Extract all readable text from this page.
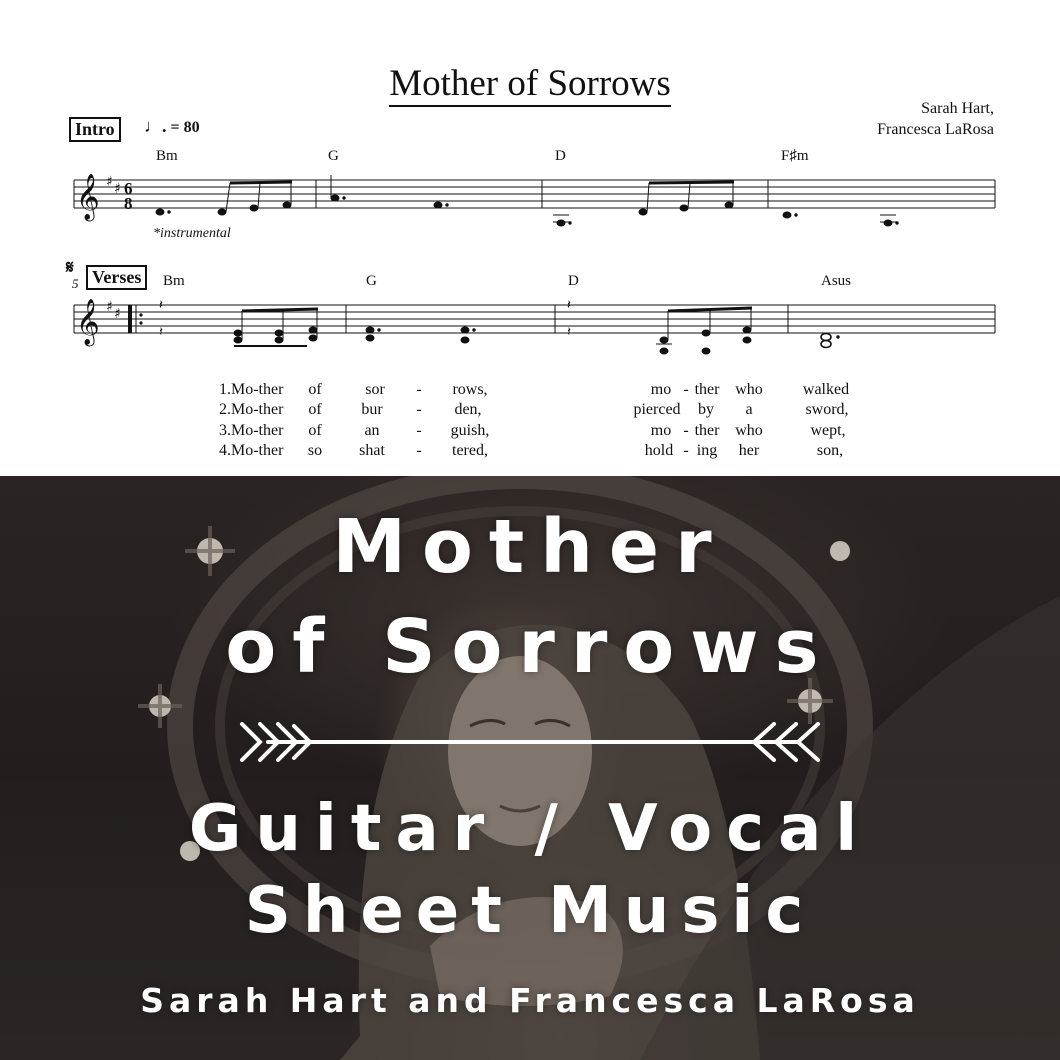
Mother of Sorrows
Sarah Hart,
Francesca LaRosa
Intro	♩. = 80
Bm	G	D	F♯m
*instrumental
𝄋
5 Verses	Bm	G	D	Asus
𝄞 ♯ ♯ 6
8
𝄞 ♯ ♯
𝄽
𝄽
𝄽
𝄽
1.Mo-ther of	sor - rows,	mo - ther who	walked
2.Mo-ther of bur - den,	pierced by a	sword,
3.Mo-ther of	an - guish,	mo - ther who	wept,
4.Mo-ther so shat - tered,	hold - ing her	son,
Mother
of Sorrows
Guitar / Vocal
Sheet Music
Sarah Hart and Francesca LaRosa
